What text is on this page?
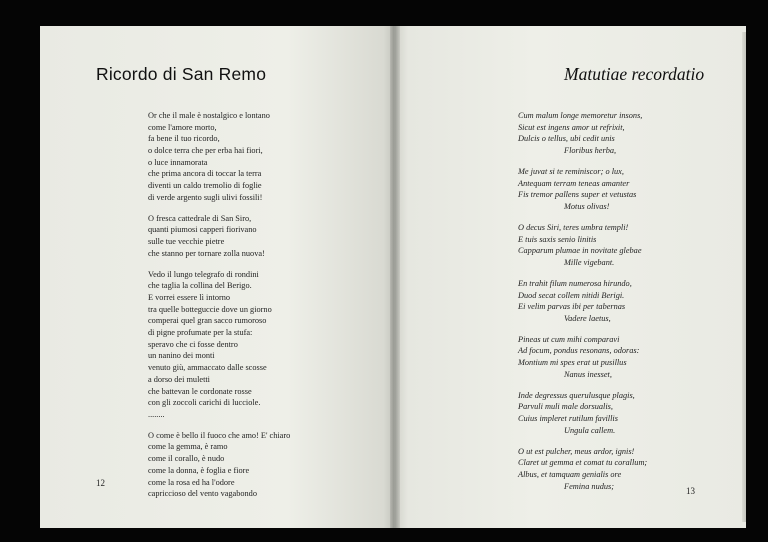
Ricordo di San Remo
Or che il male è nostalgico e lontano
come l'amore morto,
fa bene il tuo ricordo,
o dolce terra che per erba hai fiori,
o luce innamorata
che prima ancora di toccar la terra
diventi un caldo tremolio di foglie
di verde argento sugli ulivi fossili!
O fresca cattedrale di San Siro,
quanti piumosi capperi fiorivano
sulle tue vecchie pietre
che stanno per tornare zolla nuova!
Vedo il lungo telegrafo di rondini
che taglia la collina del Berigo.
E vorrei essere lì intorno
tra quelle botteguccie dove un giorno
comperai quel gran sacco rumoroso
di pigne profumate per la stufa:
speravo che ci fosse dentro
un nanino dei monti
venuto giù, ammaccato dalle scosse
a dorso dei muletti
che battevan le cordonate rosse
con gli zoccoli carichi di lucciole.
........
O come è bello il fuoco che amo! E' chiaro
come la gemma, è ramo
come il corallo, è nudo
come la donna, è foglia e fiore
come la rosa ed ha l'odore
capriccioso del vento vagabondo
12
Matutiae recordatio
Cum malum longe memoretur insons,
Sicut est ingens amor ut refrixit,
Dulcis o tellus, ubi cedit unis
Floribus herba,
Me juvat si te reminiscor; o lux,
Antequam terram teneas amanter
Fis tremor pallens super et vetustas
Motus olivas!
O decus Siri, teres umbra templi!
E tuis saxis senio linitis
Capparum plumae in novitate glebae
Mille vigebant.
En trahit filum numerosa hirundo,
Duod secat collem nitidi Berigi.
Ei velim parvas ibi per tabernas
Vadere laetus,
Pineas ut cum mihi comparavi
Ad focum, pondus resonans, odoras:
Montium mi spes erat ut pusillus
Nanus inesset,
Inde degressus querulusque plagis,
Parvuli muli male dorsualis,
Cuius impleret rutilum favillis
Ungula callem.
O ut est pulcher, meus ardor, ignis!
Claret ut gemma et comat tu corallum;
Albus, et tamquam genialis ore
Femina nudus;	13
